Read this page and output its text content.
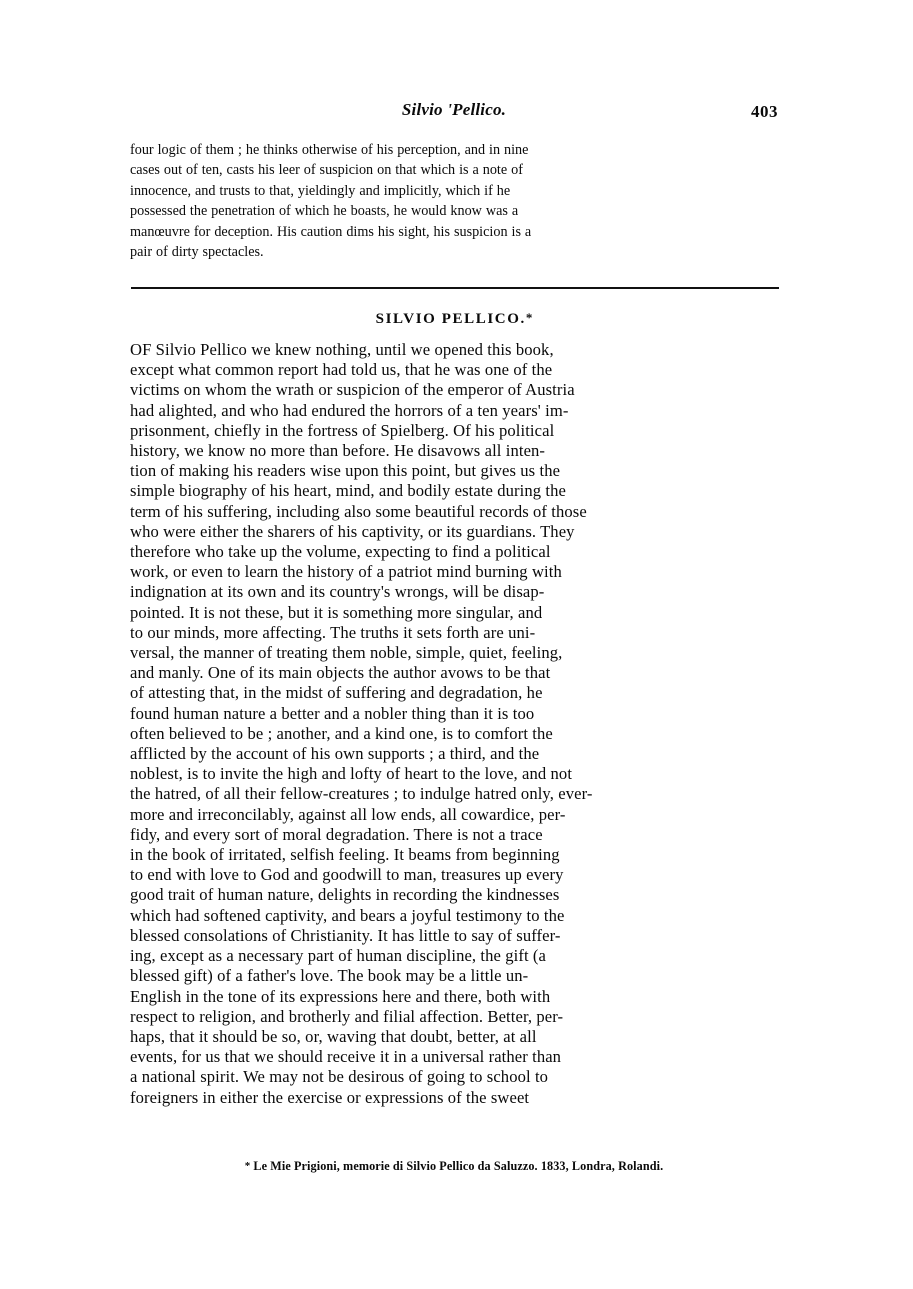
Silvio 'Pellico.	403
four logic of them ; he thinks otherwise of his perception, and in nine
cases out of ten, casts his leer of suspicion on that which is a note of
innocence, and trusts to that, yieldingly and implicitly, which if he
possessed the penetration of which he boasts, he would know was a
manœuvre for deception. His caution dims his sight, his suspicion is a
pair of dirty spectacles.
SILVIO PELLICO.*
OF Silvio Pellico we knew nothing, until we opened this book,
except what common report had told us, that he was one of the
victims on whom the wrath or suspicion of the emperor of Austria
had alighted, and who had endured the horrors of a ten years' im-
prisonment, chiefly in the fortress of Spielberg. Of his political
history, we know no more than before. He disavows all inten-
tion of making his readers wise upon this point, but gives us the
simple biography of his heart, mind, and bodily estate during the
term of his suffering, including also some beautiful records of those
who were either the sharers of his captivity, or its guardians. They
therefore who take up the volume, expecting to find a political
work, or even to learn the history of a patriot mind burning with
indignation at its own and its country's wrongs, will be disap-
pointed. It is not these, but it is something more singular, and
to our minds, more affecting. The truths it sets forth are uni-
versal, the manner of treating them noble, simple, quiet, feeling,
and manly. One of its main objects the author avows to be that
of attesting that, in the midst of suffering and degradation, he
found human nature a better and a nobler thing than it is too
often believed to be ; another, and a kind one, is to comfort the
afflicted by the account of his own supports ; a third, and the
noblest, is to invite the high and lofty of heart to the love, and not
the hatred, of all their fellow-creatures ; to indulge hatred only, ever-
more and irreconcilably, against all low ends, all cowardice, per-
fidy, and every sort of moral degradation. There is not a trace
in the book of irritated, selfish feeling. It beams from beginning
to end with love to God and goodwill to man, treasures up every
good trait of human nature, delights in recording the kindnesses
which had softened captivity, and bears a joyful testimony to the
blessed consolations of Christianity. It has little to say of suffer-
ing, except as a necessary part of human discipline, the gift (a
blessed gift) of a father's love. The book may be a little un-
English in the tone of its expressions here and there, both with
respect to religion, and brotherly and filial affection. Better, per-
haps, that it should be so, or, waving that doubt, better, at all
events, for us that we should receive it in a universal rather than
a national spirit. We may not be desirous of going to school to
foreigners in either the exercise or expressions of the sweet
* Le Mie Prigioni, memorie di Silvio Pellico da Saluzzo. 1833, Londra, Rolandi.
